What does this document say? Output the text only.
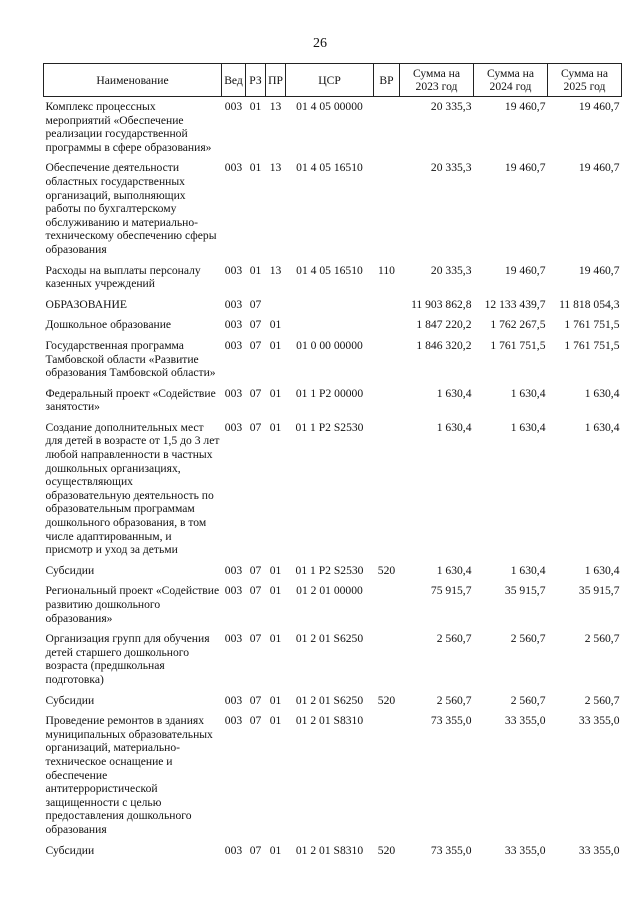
26
Наименование	Вед	РЗ	ПР	ЦСР	ВР	Сумма на 2023 год	Сумма на 2024 год	Сумма на 2025 год
Комплекс процессных мероприятий «Обеспечение реализации государственной программы в сфере образования»	003	01	13	01 4 05 00000		20 335,3	19 460,7	19 460,7
Обеспечение деятельности областных государственных организаций, выполняющих работы по бухгалтерскому обслуживанию и материально-техническому обеспечению сферы образования	003	01	13	01 4 05 16510		20 335,3	19 460,7	19 460,7
Расходы на выплаты персоналу казенных учреждений	003	01	13	01 4 05 16510	110	20 335,3	19 460,7	19 460,7
ОБРАЗОВАНИЕ	003	07				11 903 862,8	12 133 439,7	11 818 054,3
Дошкольное образование	003	07	01			1 847 220,2	1 762 267,5	1 761 751,5
Государственная программа Тамбовской области «Развитие образования Тамбовской области»	003	07	01	01 0 00 00000		1 846 320,2	1 761 751,5	1 761 751,5
Федеральный проект «Содействие занятости»	003	07	01	01 1 P2 00000		1 630,4	1 630,4	1 630,4
Создание дополнительных мест для детей в возрасте от 1,5 до 3 лет любой направленности в частных дошкольных организациях, осуществляющих образовательную деятельность по образовательным программам дошкольного образования, в том числе адаптированным, и присмотр и уход за детьми	003	07	01	01 1 P2 S2530		1 630,4	1 630,4	1 630,4
Субсидии	003	07	01	01 1 P2 S2530	520	1 630,4	1 630,4	1 630,4
Региональный проект «Содействие развитию дошкольного образования»	003	07	01	01 2 01 00000		75 915,7	35 915,7	35 915,7
Организация групп для обучения детей старшего дошкольного возраста (предшкольная подготовка)	003	07	01	01 2 01 S6250		2 560,7	2 560,7	2 560,7
Субсидии	003	07	01	01 2 01 S6250	520	2 560,7	2 560,7	2 560,7
Проведение ремонтов в зданиях муниципальных образовательных организаций, материально-техническое оснащение и обеспечение антитеррористической защищенности с целью предоставления дошкольного образования	003	07	01	01 2 01 S8310		73 355,0	33 355,0	33 355,0
Субсидии	003	07	01	01 2 01 S8310	520	73 355,0	33 355,0	33 355,0
